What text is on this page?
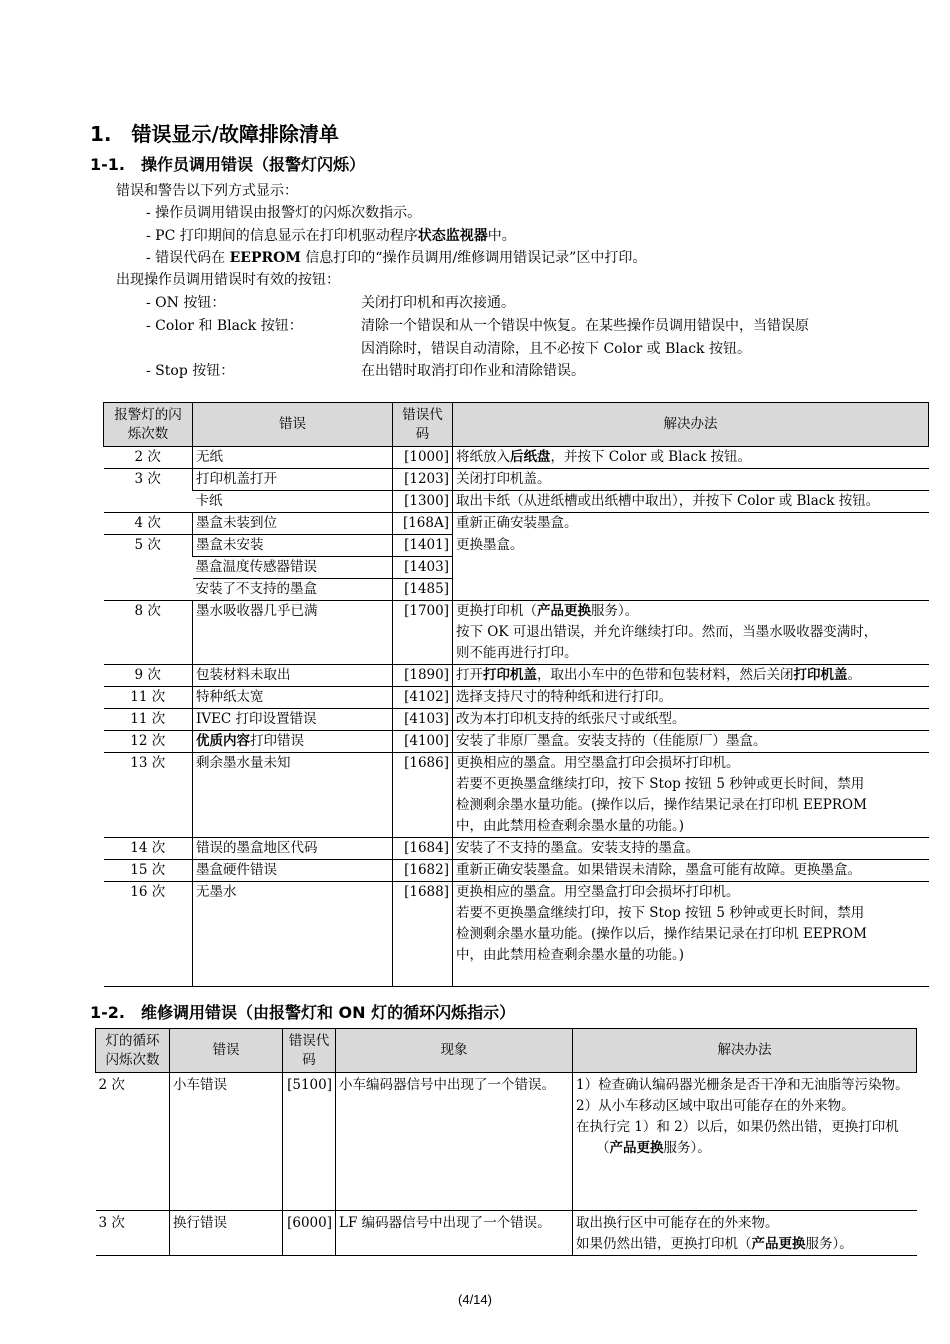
1.　错误显示/故障排除清单
1-1.　操作员调用错误（报警灯闪烁）
错误和警告以下列方式显示：
- 操作员调用错误由报警灯的闪烁次数指示。
- PC 打印期间的信息显示在打印机驱动程序状态监视器中。
- 错误代码在 EEPROM 信息打印的“操作员调用/维修调用错误记录”区中打印。
出现操作员调用错误时有效的按钮：
- ON 按钮：	关闭打印机和再次接通。
- Color 和 Black 按钮：	清除一个错误和从一个错误中恢复。在某些操作员调用错误中，当错误原
因消除时，错误自动清除，且不必按下 Color 或 Black 按钮。
- Stop 按钮：	在出错时取消打印作业和清除错误。
报警灯的闪
烁次数	错误	错误代
码	解决办法
2 次	无纸	[1000]	将纸放入后纸盘，并按下 Color 或 Black 按钮。
3 次	打印机盖打开	[1203]	关闭打印机盖。
	卡纸	[1300]	取出卡纸（从进纸槽或出纸槽中取出），并按下 Color 或 Black 按钮。
4 次	墨盒未装到位	[168A]	重新正确安装墨盒。
5 次	墨盒未安装	[1401]	更换墨盒。
	墨盒温度传感器错误	[1403]	
	安装了不支持的墨盒	[1485]	
8 次	墨水吸收器几乎已满	[1700]	更换打印机（产品更换服务）。
按下 OK 可退出错误，并允许继续打印。然而，当墨水吸收器变满时，
则不能再进行打印。

9 次	包装材料未取出	[1890]	打开打印机盖，取出小车中的色带和包装材料，然后关闭打印机盖。
11 次	特种纸太宽	[4102]	选择支持尺寸的特种纸和进行打印。
11 次	IVEC 打印设置错误	[4103]	改为本打印机支持的纸张尺寸或纸型。
12 次	优质内容打印错误	[4100]	安装了非原厂墨盒。安装支持的（佳能原厂）墨盒。
13 次	剩余墨水量未知	[1686]	更换相应的墨盒。用空墨盒打印会损坏打印机。
若要不更换墨盒继续打印，按下 Stop 按钮 5 秒钟或更长时间，禁用
检测剩余墨水量功能。(操作以后，操作结果记录在打印机 EEPROM
中，由此禁用检查剩余墨水量的功能。)

14 次	错误的墨盒地区代码	[1684]	安装了不支持的墨盒。安装支持的墨盒。
15 次	墨盒硬件错误	[1682]	重新正确安装墨盒。如果错误未清除，墨盒可能有故障。更换墨盒。
16 次	无墨水	[1688]	更换相应的墨盒。用空墨盒打印会损坏打印机。
若要不更换墨盒继续打印，按下 Stop 按钮 5 秒钟或更长时间，禁用
检测剩余墨水量功能。(操作以后，操作结果记录在打印机 EEPROM
中，由此禁用检查剩余墨水量的功能。)
1-2.　维修调用错误（由报警灯和 ON 灯的循环闪烁指示）
灯的循环
闪烁次数	错误	错误代
码	现象	解决办法
2 次	小车错误	[5100]	小车编码器信号中出现了一个错误。	1）检查确认编码器光栅条是否干净和无油脂等污染物。
2）从小车移动区域中取出可能存在的外来物。
在执行完 1）和 2）以后，如果仍然出错，更换打印机（产品更换服务）。

3 次	换行错误	[6000]	LF 编码器信号中出现了一个错误。	取出换行区中可能存在的外来物。
如果仍然出错，更换打印机（产品更换服务）。
(4/14)
